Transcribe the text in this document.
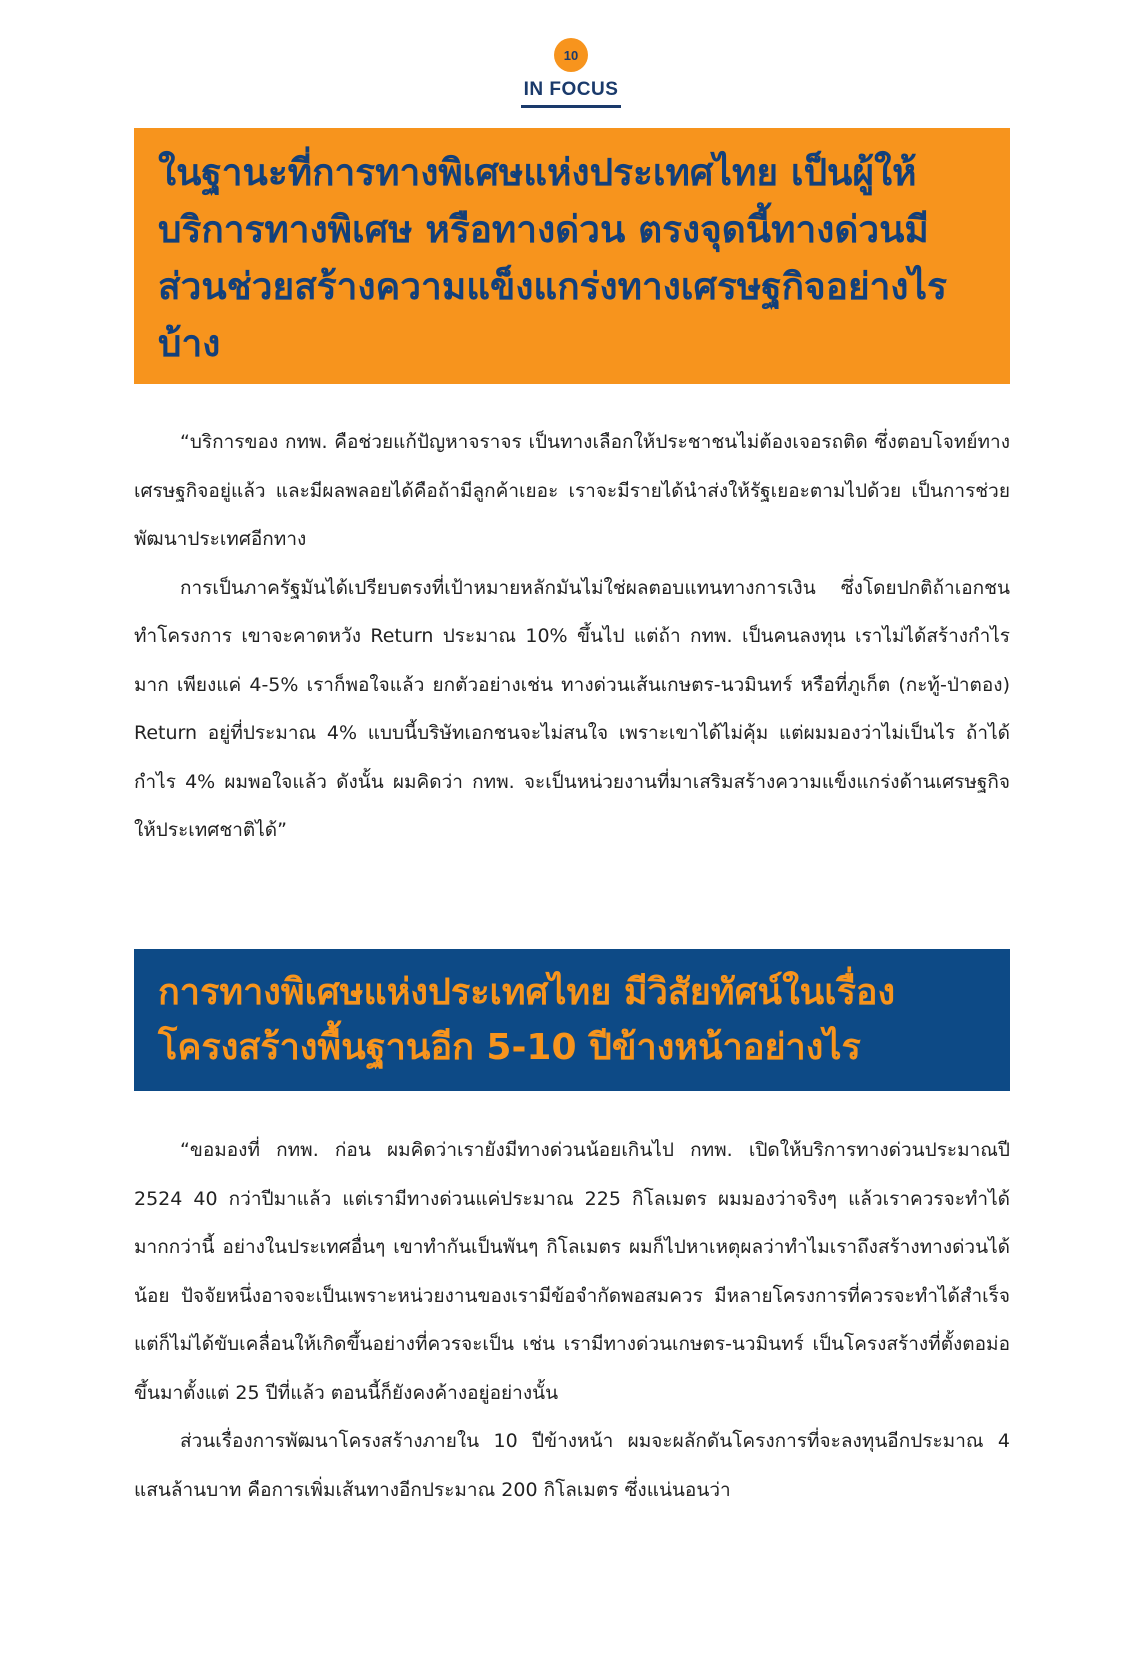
10
IN FOCUS
ในฐานะที่การทางพิเศษแห่งประเทศไทย เป็นผู้ให้บริการทางพิเศษ หรือทางด่วน ตรงจุดนี้ทางด่วนมีส่วนช่วยสร้างความแข็งแกร่งทางเศรษฐกิจอย่างไรบ้าง

“บริการของ กทพ. คือช่วยแก้ปัญหาจราจร เป็นทางเลือกให้ประชาชนไม่ต้องเจอรถติด ซึ่งตอบโจทย์ทางเศรษฐกิจอยู่แล้ว และมีผลพลอยได้คือถ้ามีลูกค้าเยอะ เราจะมีรายได้นำส่งให้รัฐเยอะตามไปด้วย เป็นการช่วยพัฒนาประเทศอีกทาง

การเป็นภาครัฐมันได้เปรียบตรงที่เป้าหมายหลักมันไม่ใช่ผลตอบแทนทางการเงิน ซึ่งโดยปกติถ้าเอกชนทำโครงการ เขาจะคาดหวัง Return ประมาณ 10% ขึ้นไป แต่ถ้า กทพ. เป็นคนลงทุน เราไม่ได้สร้างกำไรมาก เพียงแค่ 4-5% เราก็พอใจแล้ว ยกตัวอย่างเช่น ทางด่วนเส้นเกษตร-นวมินทร์ หรือที่ภูเก็ต (กะทู้-ป่าตอง) Return อยู่ที่ประมาณ 4% แบบนี้บริษัทเอกชนจะไม่สนใจ เพราะเขาได้ไม่คุ้ม แต่ผมมองว่าไม่เป็นไร ถ้าได้กำไร 4% ผมพอใจแล้ว ดังนั้น ผมคิดว่า กทพ. จะเป็นหน่วยงานที่มาเสริมสร้างความแข็งแกร่งด้านเศรษฐกิจให้ประเทศชาติได้”

การทางพิเศษแห่งประเทศไทย มีวิสัยทัศน์ในเรื่องโครงสร้างพื้นฐานอีก 5-10 ปีข้างหน้าอย่างไร

“ขอมองที่ กทพ. ก่อน ผมคิดว่าเรายังมีทางด่วนน้อยเกินไป กทพ. เปิดให้บริการทางด่วนประมาณปี 2524 40 กว่าปีมาแล้ว แต่เรามีทางด่วนแค่ประมาณ 225 กิโลเมตร ผมมองว่าจริงๆ แล้วเราควรจะทำได้มากกว่านี้ อย่างในประเทศอื่นๆ เขาทำกันเป็นพันๆ กิโลเมตร ผมก็ไปหาเหตุผลว่าทำไมเราถึงสร้างทางด่วนได้น้อย ปัจจัยหนึ่งอาจจะเป็นเพราะหน่วยงานของเรามีข้อจำกัดพอสมควร มีหลายโครงการที่ควรจะทำได้สำเร็จ แต่ก็ไม่ได้ขับเคลื่อนให้เกิดขึ้นอย่างที่ควรจะเป็น เช่น เรามีทางด่วนเกษตร-นวมินทร์ เป็นโครงสร้างที่ตั้งตอม่อขึ้นมาตั้งแต่ 25 ปีที่แล้ว ตอนนี้ก็ยังคงค้างอยู่อย่างนั้น

ส่วนเรื่องการพัฒนาโครงสร้างภายใน 10 ปีข้างหน้า ผมจะผลักดันโครงการที่จะลงทุนอีกประมาณ 4 แสนล้านบาท คือการเพิ่มเส้นทางอีกประมาณ 200 กิโลเมตร ซึ่งแน่นอนว่า
